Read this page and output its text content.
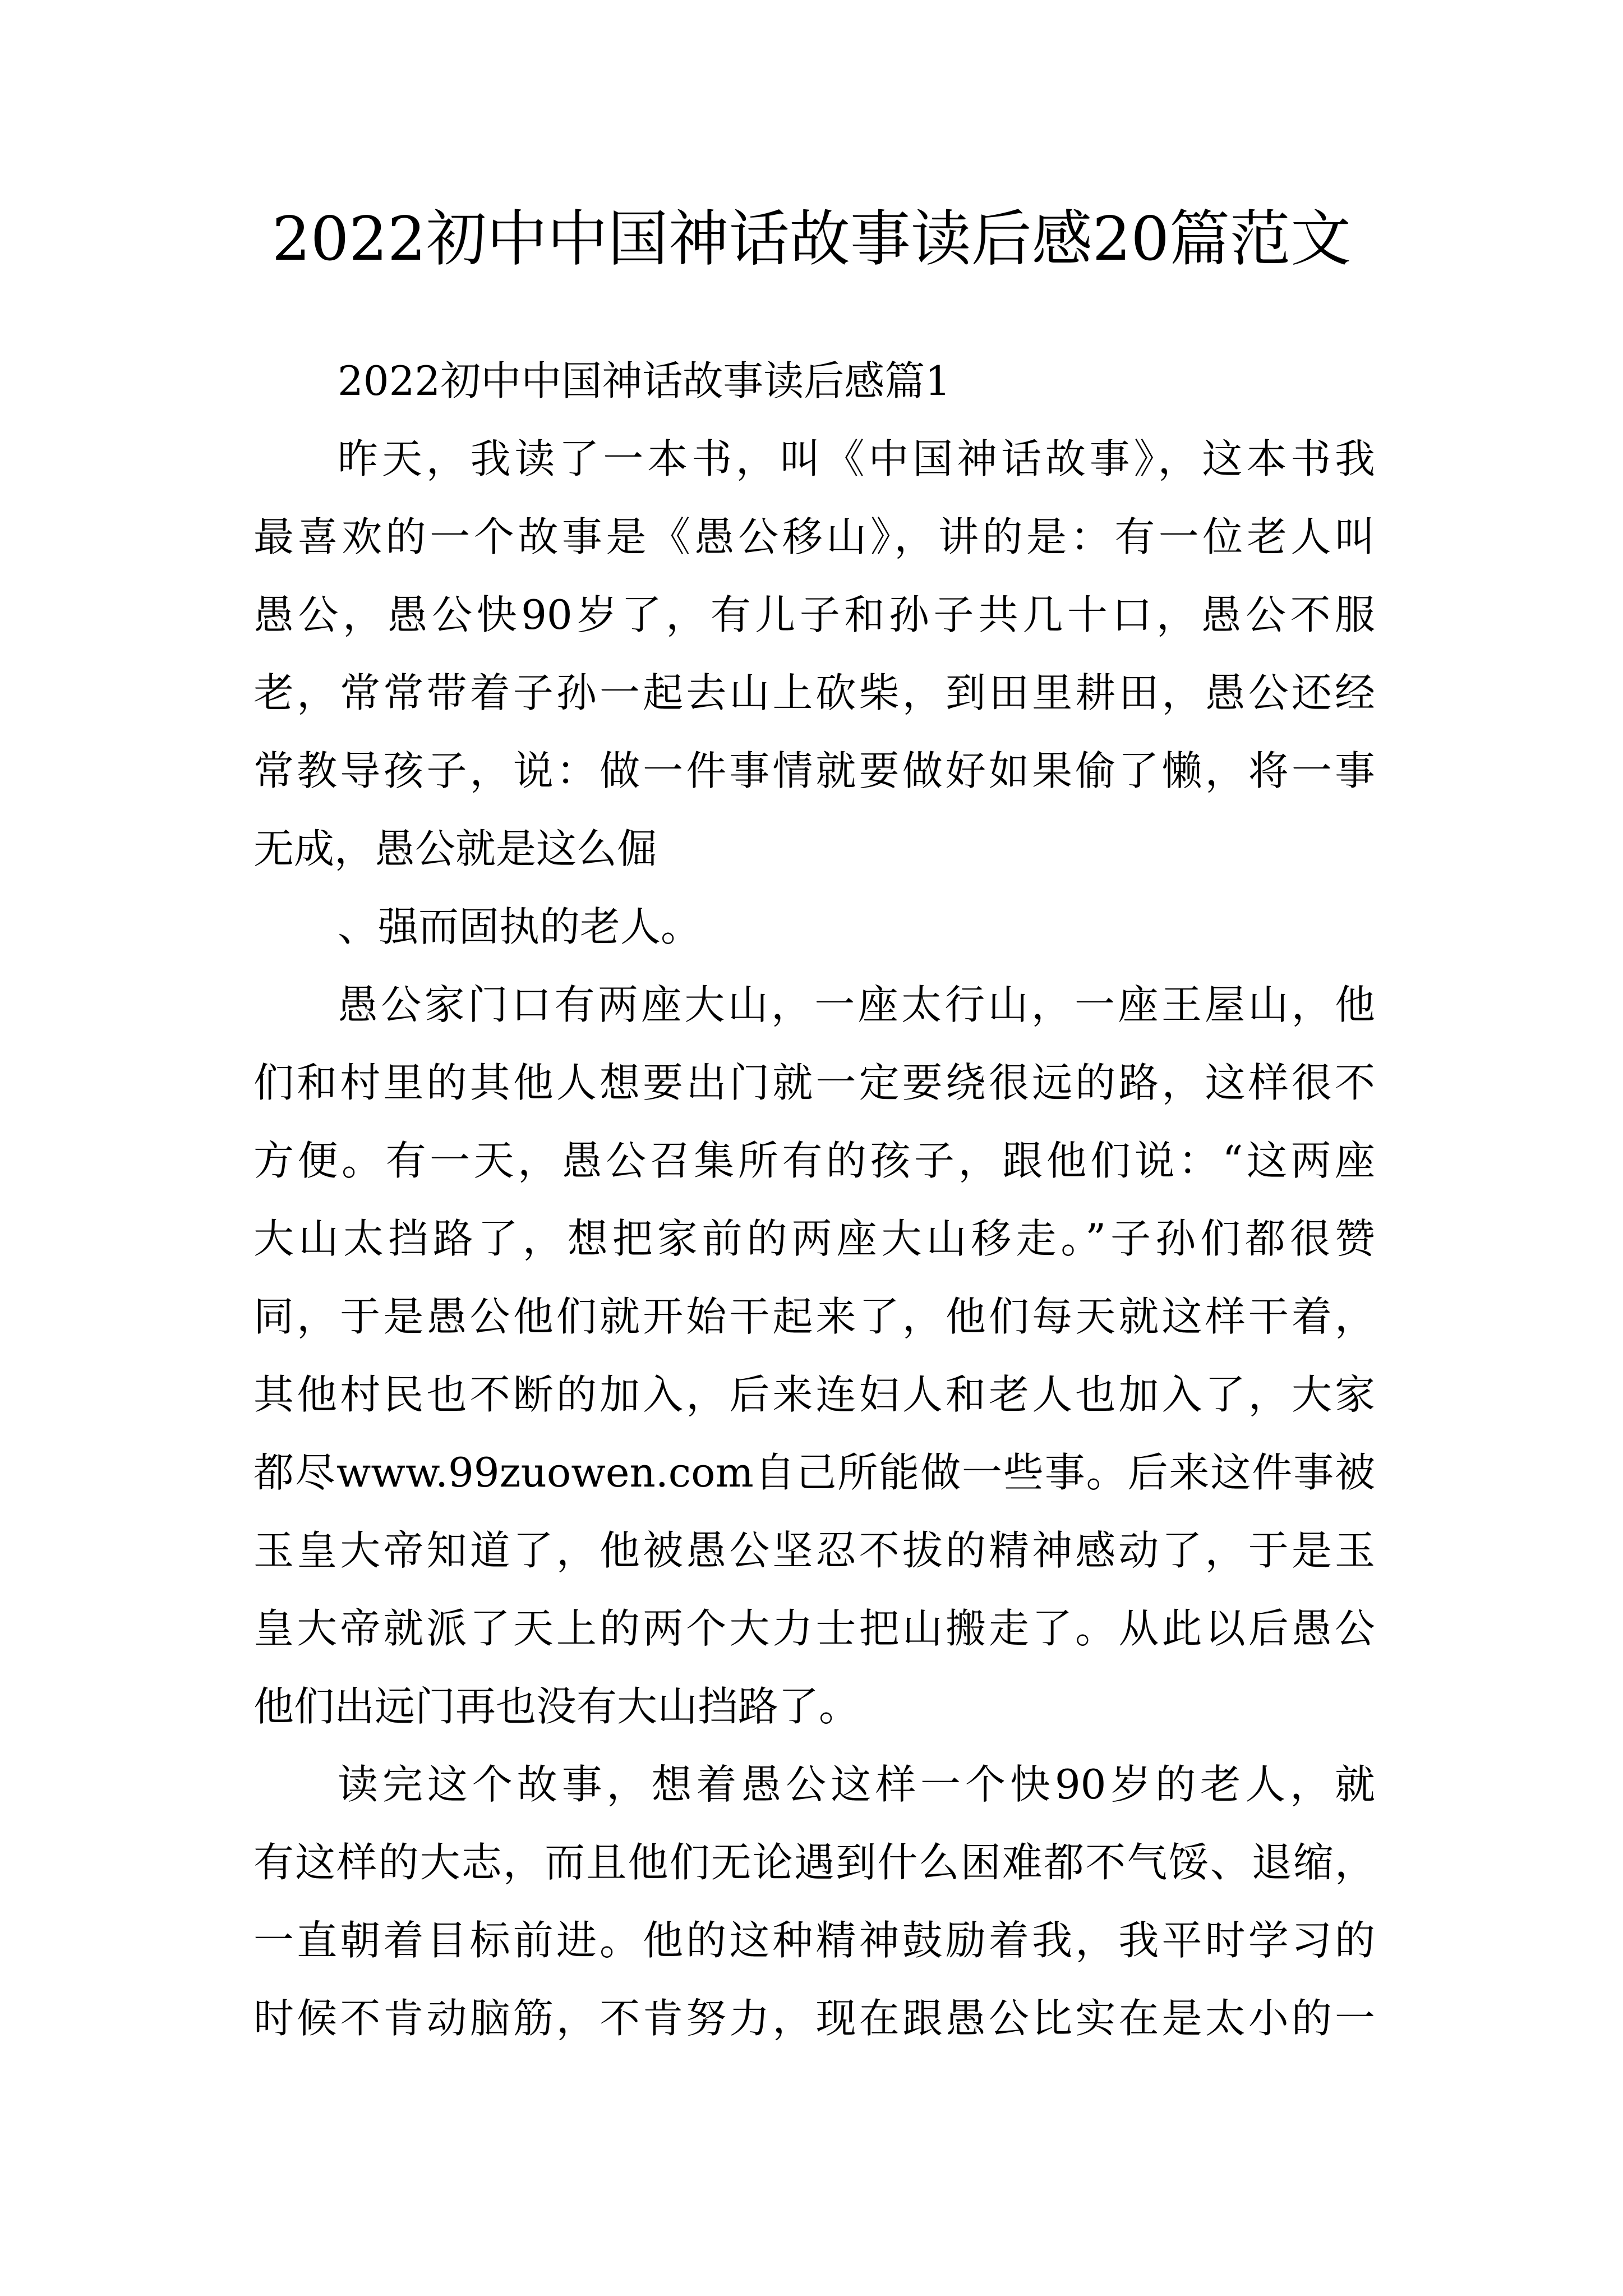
2022初中中国神话故事读后感20篇范文
2022初中中国神话故事读后感篇1
昨天，我读了一本书，叫《中国神话故事》，这本书我
最喜欢的一个故事是《愚公移山》，讲的是：有一位老人叫
愚公，愚公快90岁了，有儿子和孙子共几十口，愚公不服
老，常常带着子孙一起去山上砍柴，到田里耕田，愚公还经
常教导孩子，说：做一件事情就要做好如果偷了懒，将一事
无成，愚公就是这么倔
、强而固执的老人。
愚公家门口有两座大山，一座太行山，一座王屋山，他
们和村里的其他人想要出门就一定要绕很远的路，这样很不
方便。有一天，愚公召集所有的孩子，跟他们说：“这两座
大山太挡路了，想把家前的两座大山移走。”子孙们都很赞
同，于是愚公他们就开始干起来了，他们每天就这样干着，
其他村民也不断的加入，后来连妇人和老人也加入了，大家
都尽www.99zuowen.com自己所能做一些事。后来这件事被
玉皇大帝知道了，他被愚公坚忍不拔的精神感动了，于是玉
皇大帝就派了天上的两个大力士把山搬走了。从此以后愚公
他们出远门再也没有大山挡路了。
读完这个故事，想着愚公这样一个快90岁的老人，就
有这样的大志，而且他们无论遇到什么困难都不气馁、退缩，
一直朝着目标前进。他的这种精神鼓励着我，我平时学习的
时候不肯动脑筋，不肯努力，现在跟愚公比实在是太小的一
